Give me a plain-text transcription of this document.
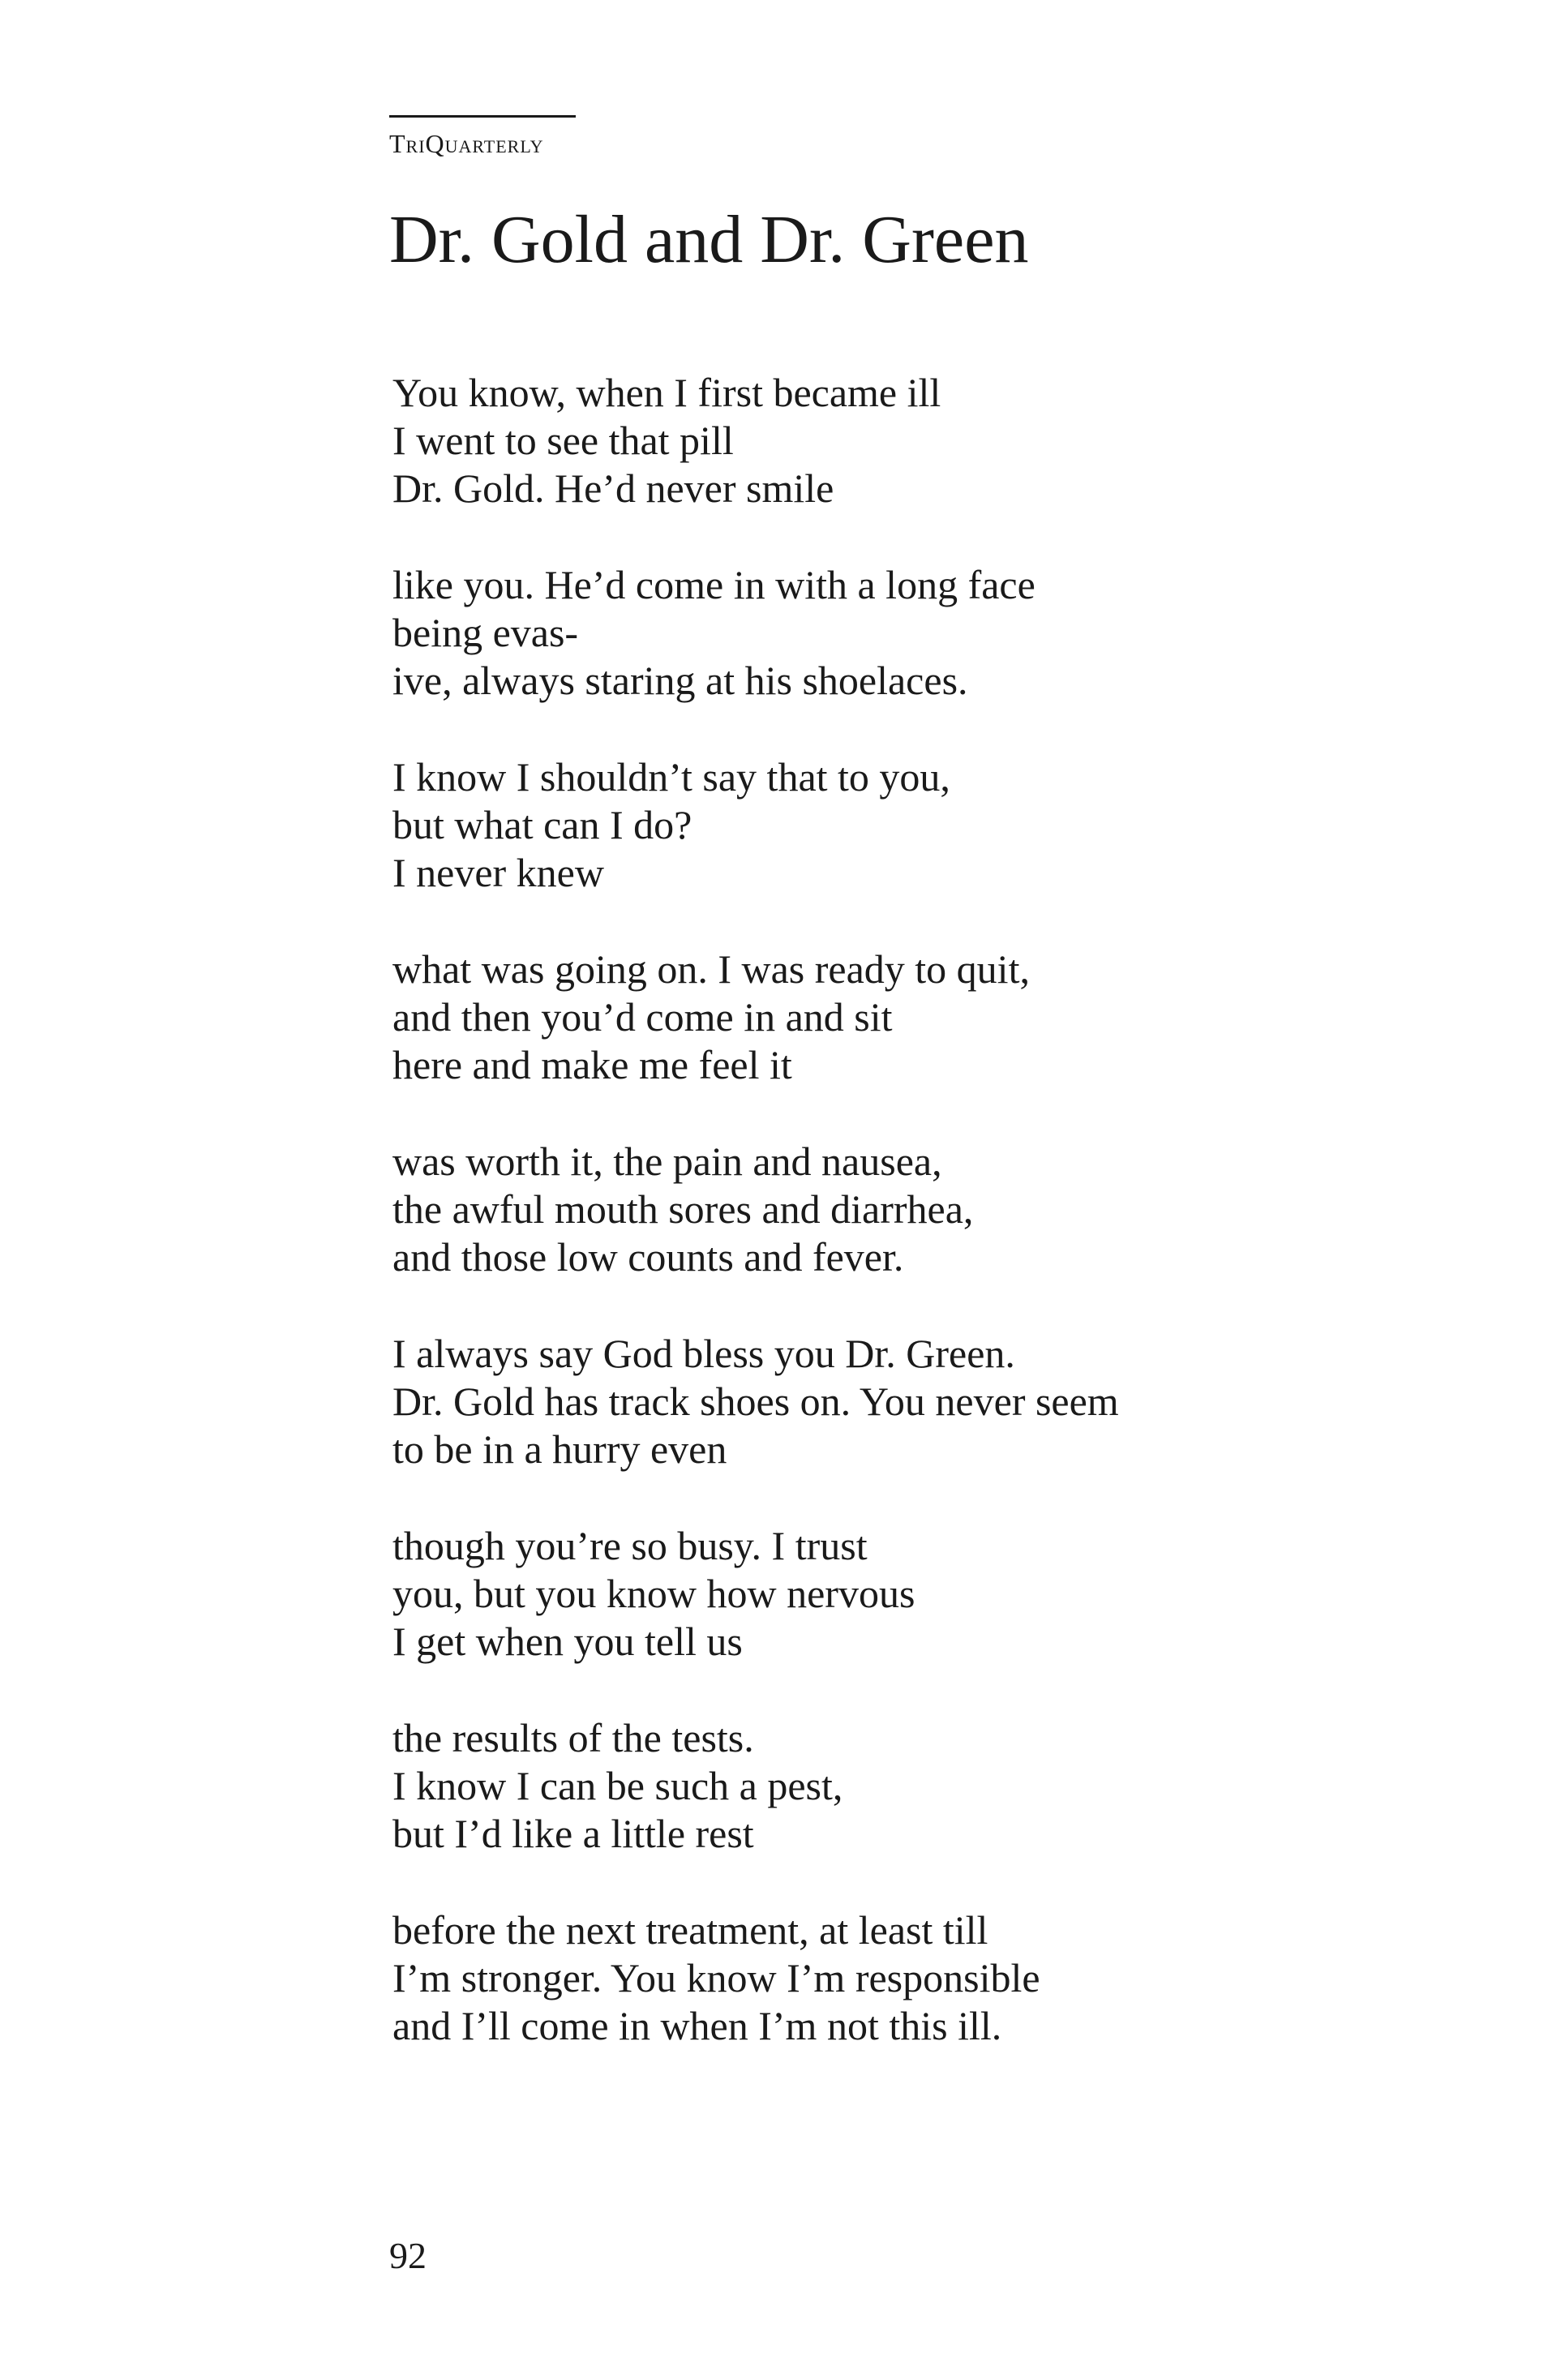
TriQuarterly
Dr. Gold and Dr. Green
You know, when I first became ill
I went to see that pill
Dr. Gold. He’d never smile
like you. He’d come in with a long face
being evas-
ive, always staring at his shoelaces.
I know I shouldn’t say that to you,
but what can I do?
I never knew
what was going on. I was ready to quit,
and then you’d come in and sit
here and make me feel it
was worth it, the pain and nausea,
the awful mouth sores and diarrhea,
and those low counts and fever.
I always say God bless you Dr. Green.
Dr. Gold has track shoes on. You never seem
to be in a hurry even
though you’re so busy. I trust
you, but you know how nervous
I get when you tell us
the results of the tests.
I know I can be such a pest,
but I’d like a little rest
before the next treatment, at least till
I’m stronger. You know I’m responsible
and I’ll come in when I’m not this ill.
92
